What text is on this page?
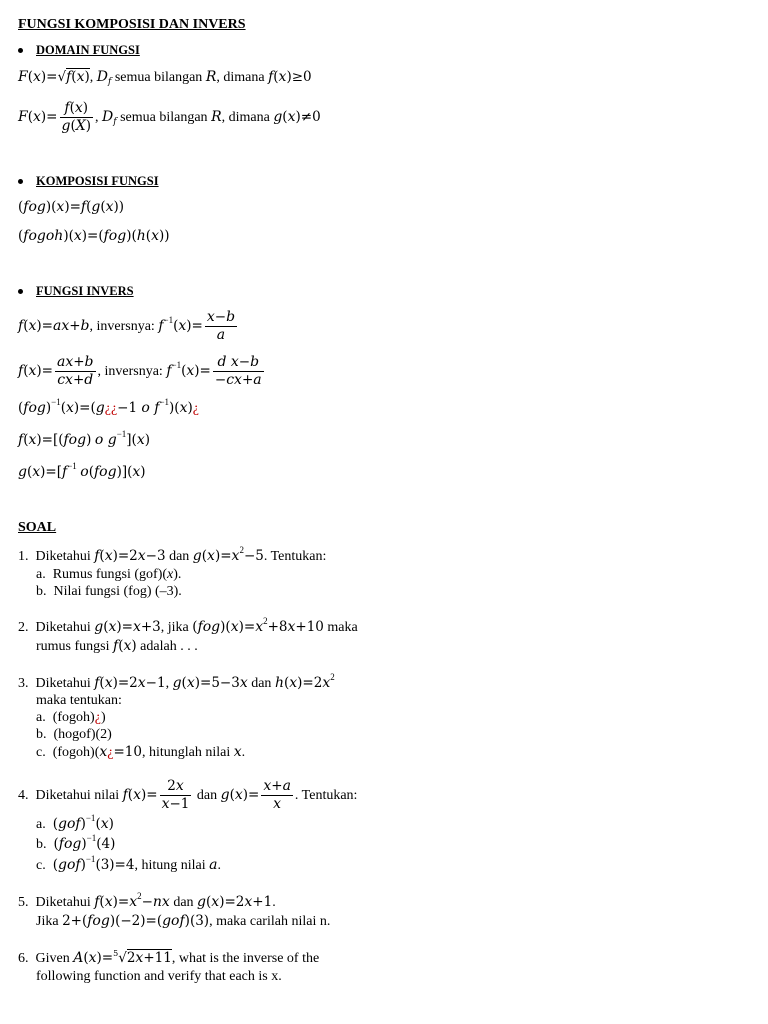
FUNGSI KOMPOSISI DAN INVERS
DOMAIN FUNGSI
F(x)=√f(x), $D_f$ semua bilangan R, dimana f(x)≥0
$F(x)= \frac{f(x)}{g(X)}$ , $D_f$ semua bilangan R, dimana g(x)≠0
KOMPOSISI FUNGSI
(fog)(x)=f(g(x))
(fogoh)(x)=(fog)(h(x))
FUNGSI INVERS
f(x)=ax+b, inversnya: $f^{-1}(x)= \frac{x-b}{a}$
$f(x)= \frac{ax+b}{cx+d}$ , inversnya: $f^{-1}(x)= \frac{\text{d x−b}}{-cx+a}$
(fog)$^{-1}$(x)=(g¿¿−1 o $f^{-1})(x)¿$
f(x)=[(fog) o $g^{-1}](x)$
$g(x)=[f^{-1}$ o(fog)](x)
SOAL
1. Diketahui f(x)=2x−3 dan $g(x)=x^2-5$. Tentukan:
a. Rumus fungsi (gof)(x).
b. Nilai fungsi (fog) (–3).
2. Diketahui g(x)=x+3, jika $(fog)(x)=x^2+8x+10$ maka
rumus fungsi f(x) adalah . . .
3. Diketahui f(x)=2x−1, g(x)=5−3x dan $h(x)=2x^2$
maka tentukan:
a. (fogoh)¿)
b. (hogof)(2)
c. (fogoh)(x¿=10, hitunglah nilai x.
4. Diketahui nilai $f(x)= \frac{2x}{x-1}$ dan $g(x)= \frac{x+a}{x}$ . Tentukan:
a. (gof)$^{-1}$(x)
b. (fog)$^{-1}$(4)
c. (gof)$^{-1}$(3)=4, hitung nilai a.
5. Diketahui $f(x)=x^2-nx$ dan g(x)=2x+1.
Jika 2+(fog)(−2)=(gof)(3), maka carilah nilai n.
6. Given A(x)=$^5$√2x+11, what is the inverse of the
following function and verify that each is x.
